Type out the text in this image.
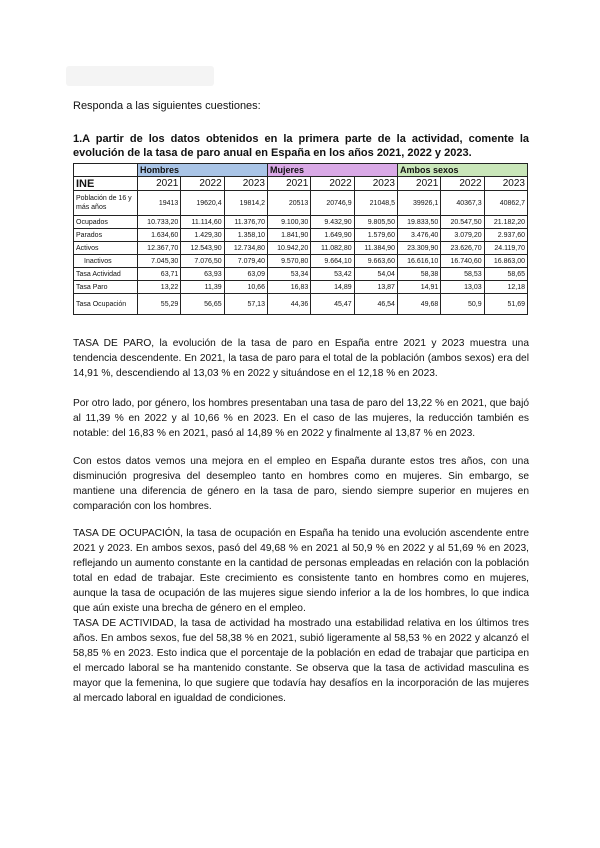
Responda a las siguientes cuestiones:
1.A partir de los datos obtenidos en la primera parte de la actividad, comente la evolución de la tasa de paro anual en España en los años 2021, 2022 y 2023.
	Hombres			Mujeres			Ambos sexos		
INE	2021	2022	2023	2021	2022	2023	2021	2022	2023
Población de 16 y más años	19413	19620,4	19814,2	20513	20746,9	21048,5	39926,1	40367,3	40862,7
Ocupados	10.733,20	11.114,60	11.376,70	9.100,30	9.432,90	9.805,50	19.833,50	20.547,50	21.182,20
Parados	1.634,60	1.429,30	1.358,10	1.841,90	1.649,90	1.579,60	3.476,40	3.079,20	2.937,60
Activos	12.367,70	12.543,90	12.734,80	10.942,20	11.082,80	11.384,90	23.309,90	23.626,70	24.119,70
Inactivos	7.045,30	7.076,50	7.079,40	9.570,80	9.664,10	9.663,60	16.616,10	16.740,60	16.863,00
Tasa Actividad	63,71	63,93	63,09	53,34	53,42	54,04	58,38	58,53	58,65
Tasa Paro	13,22	11,39	10,66	16,83	14,89	13,87	14,91	13,03	12,18
Tasa Ocupación	55,29	56,65	57,13	44,36	45,47	46,54	49,68	50,9	51,69
TASA DE PARO, la evolución de la tasa de paro en España entre 2021 y 2023 muestra una tendencia descendente. En 2021, la tasa de paro para el total de la población (ambos sexos) era del 14,91 %, descendiendo al 13,03 % en 2022 y situándose en el 12,18 % en 2023.
Por otro lado, por género, los hombres presentaban una tasa de paro del 13,22 % en 2021, que bajó al 11,39 % en 2022 y al 10,66 % en 2023. En el caso de las mujeres, la reducción también es notable: del 16,83 % en 2021, pasó al 14,89 % en 2022 y finalmente al 13,87 % en 2023.
Con estos datos vemos una mejora en el empleo en España durante estos tres años, con una disminución progresiva del desempleo tanto en hombres como en mujeres. Sin embargo, se mantiene una diferencia de género en la tasa de paro, siendo siempre superior en mujeres en comparación con los hombres.
TASA DE OCUPACIÓN, la tasa de ocupación en España ha tenido una evolución ascendente entre 2021 y 2023. En ambos sexos, pasó del 49,68 % en 2021 al 50,9 % en 2022 y al 51,69 % en 2023, reflejando un aumento constante en la cantidad de personas empleadas en relación con la población total en edad de trabajar. Este crecimiento es consistente tanto en hombres como en mujeres, aunque la tasa de ocupación de las mujeres sigue siendo inferior a la de los hombres, lo que indica que aún existe una brecha de género en el empleo.
TASA DE ACTIVIDAD, la tasa de actividad ha mostrado una estabilidad relativa en los últimos tres años. En ambos sexos, fue del 58,38 % en 2021, subió ligeramente al 58,53 % en 2022 y alcanzó el 58,85 % en 2023. Esto indica que el porcentaje de la población en edad de trabajar que participa en el mercado laboral se ha mantenido constante. Se observa que la tasa de actividad masculina es mayor que la femenina, lo que sugiere que todavía hay desafíos en la incorporación de las mujeres al mercado laboral en igualdad de condiciones.
